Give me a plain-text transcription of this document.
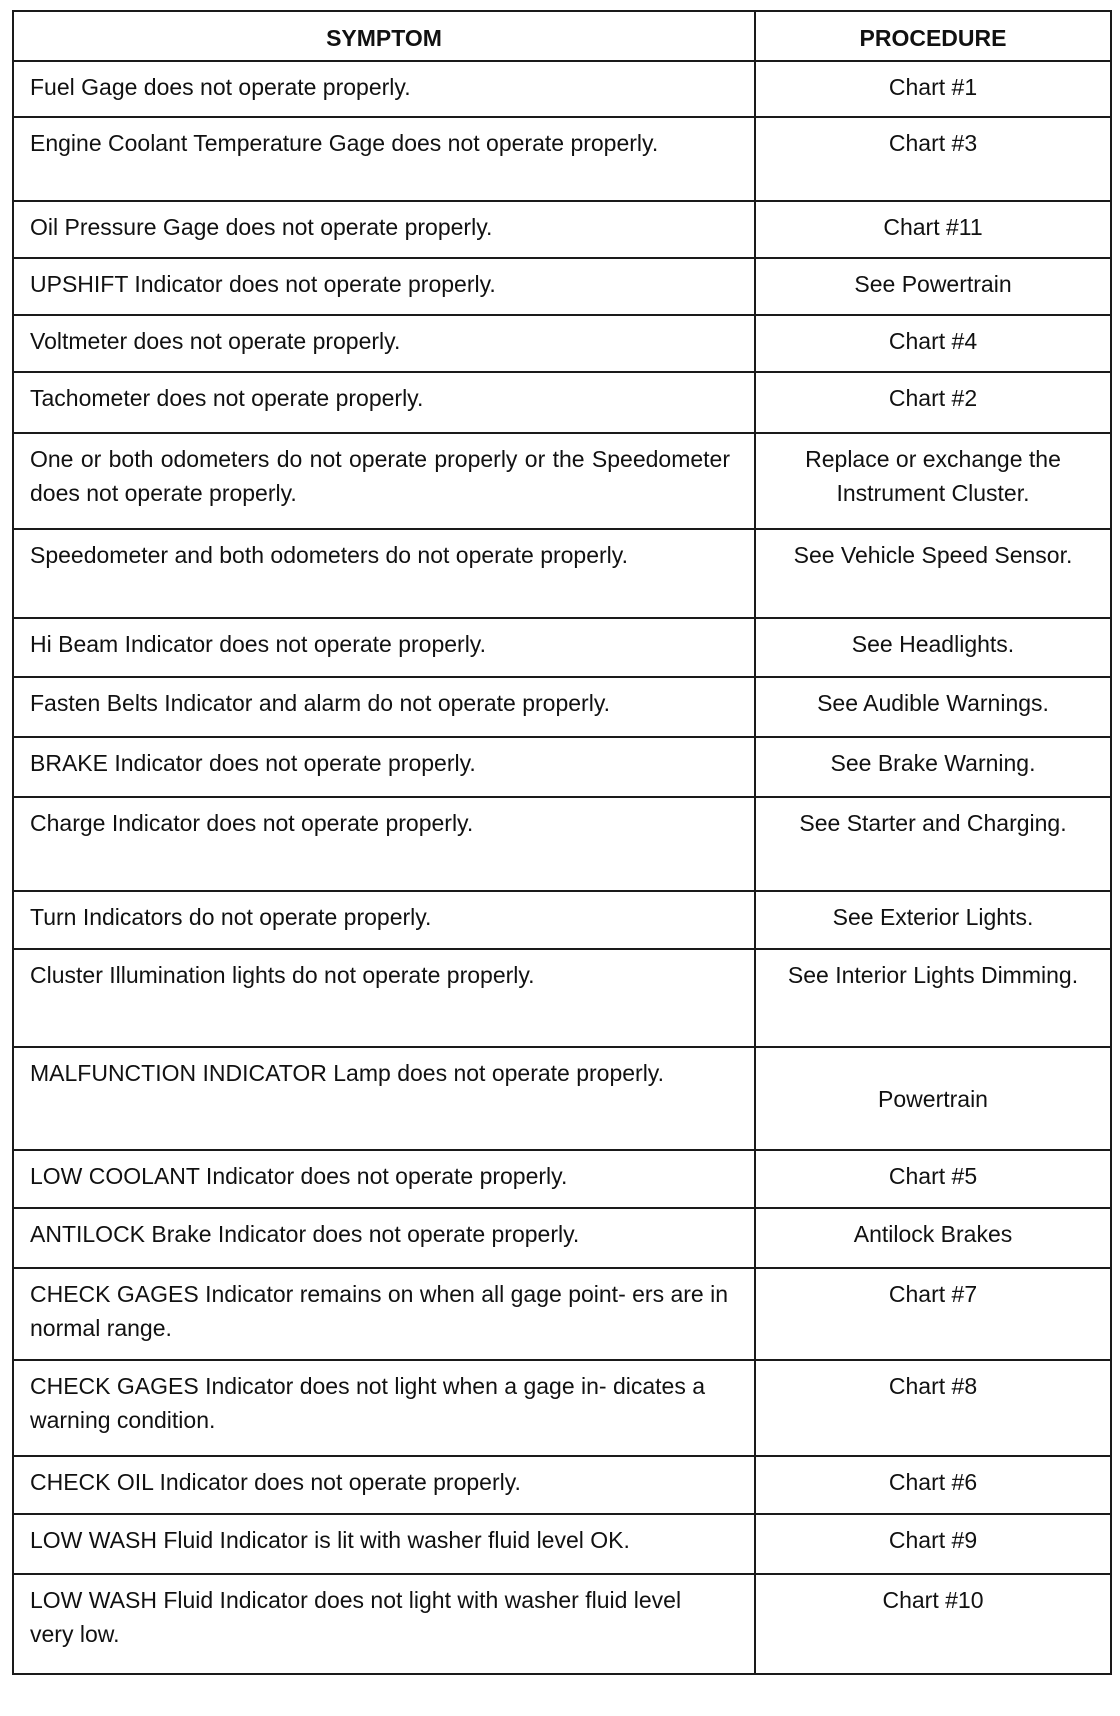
SYMPTOM	PROCEDURE
Fuel Gage does not operate properly.	Chart #1
Engine Coolant Temperature Gage does not operate properly.	Chart #3
Oil Pressure Gage does not operate properly.	Chart #11
UPSHIFT Indicator does not operate properly.	See Powertrain
Voltmeter does not operate properly.	Chart #4
Tachometer does not operate properly.	Chart #2
One or both odometers do not operate properly or the Speedometer does not operate properly.	Replace or exchange the Instrument Cluster.
Speedometer and both odometers do not operate properly.	See Vehicle Speed Sensor.
Hi Beam Indicator does not operate properly.	See Headlights.
Fasten Belts Indicator and alarm do not operate properly.	See Audible Warnings.
BRAKE Indicator does not operate properly.	See Brake Warning.
Charge Indicator does not operate properly.	See Starter and Charging.
Turn Indicators do not operate properly.	See Exterior Lights.
Cluster Illumination lights do not operate properly.	See Interior Lights Dimming.
MALFUNCTION INDICATOR Lamp does not operate properly.	Powertrain
LOW COOLANT Indicator does not operate properly.	Chart #5
ANTILOCK Brake Indicator does not operate properly.	Antilock Brakes
CHECK GAGES Indicator remains on when all gage point- ers are in normal range.	Chart #7
CHECK GAGES Indicator does not light when a gage in- dicates a warning condition.	Chart #8
CHECK OIL Indicator does not operate properly.	Chart #6
LOW WASH Fluid Indicator is lit with washer fluid level OK.	Chart #9
LOW WASH Fluid Indicator does not light with washer fluid level very low.	Chart #10
